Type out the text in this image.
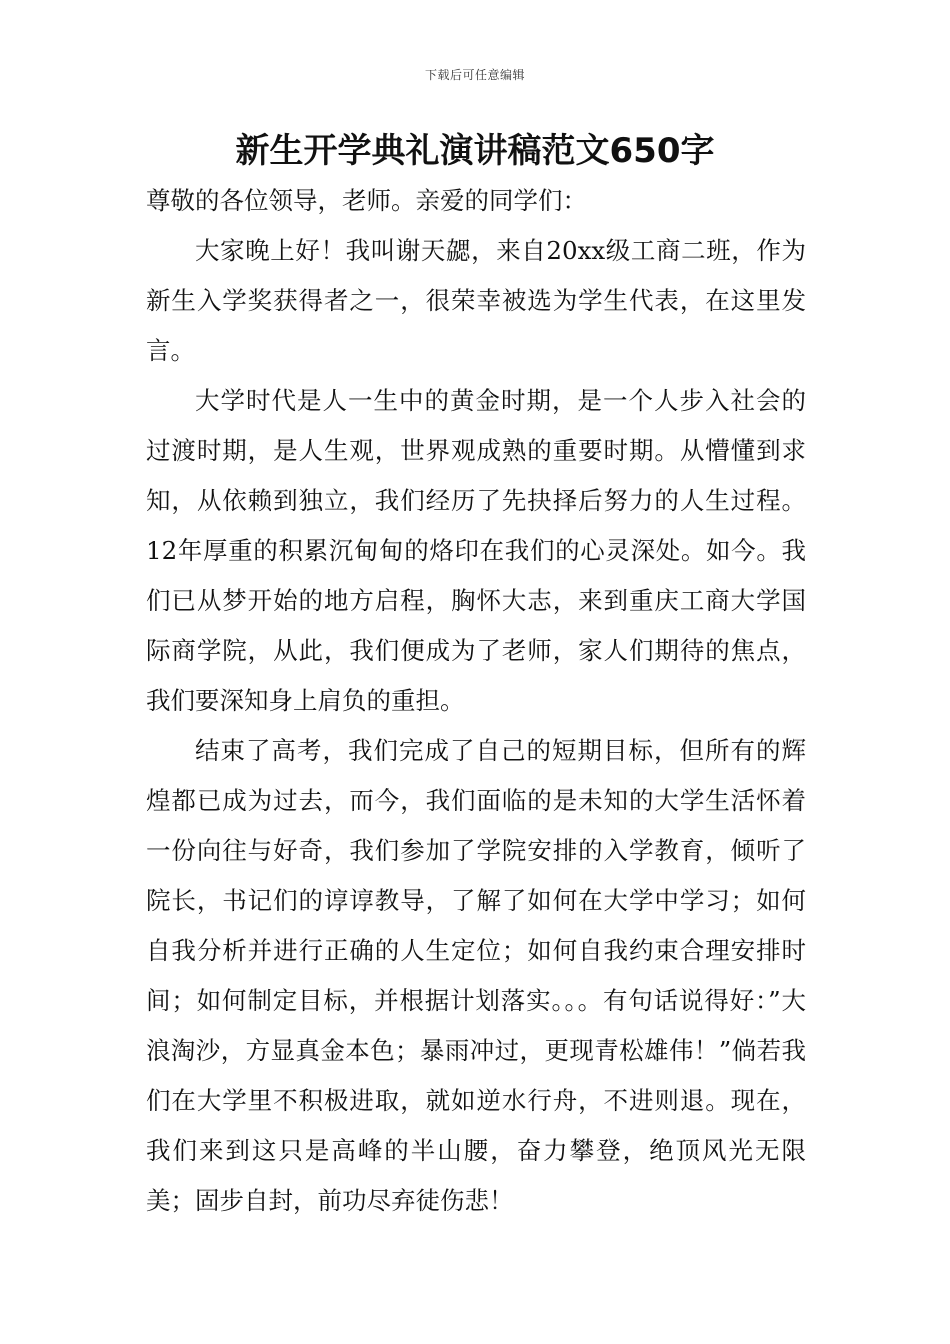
下载后可任意编辑
新生开学典礼演讲稿范文650字

尊敬的各位领导，老师。亲爱的同学们：

大家晚上好！我叫谢天勰，来自20xx级工商二班，作为新生入学奖获得者之一，很荣幸被选为学生代表，在这里发言。

大学时代是人一生中的黄金时期，是一个人步入社会的过渡时期，是人生观，世界观成熟的重要时期。从懵懂到求知，从依赖到独立，我们经历了先抉择后努力的人生过程。12年厚重的积累沉甸甸的烙印在我们的心灵深处。如今。我们已从梦开始的地方启程，胸怀大志，来到重庆工商大学国际商学院，从此，我们便成为了老师，家人们期待的焦点，我们要深知身上肩负的重担。

结束了高考，我们完成了自己的短期目标，但所有的辉煌都已成为过去，而今，我们面临的是未知的大学生活怀着一份向往与好奇，我们参加了学院安排的入学教育，倾听了院长，书记们的谆谆教导，了解了如何在大学中学习；如何自我分析并进行正确的人生定位；如何自我约束合理安排时间；如何制定目标，并根据计划落实。。。有句话说得好：”大浪淘沙，方显真金本色；暴雨冲过，更现青松雄伟！”倘若我们在大学里不积极进取，就如逆水行舟，不进则退。现在，我们来到这只是高峰的半山腰，奋力攀登，绝顶风光无限美；固步自封，前功尽弃徒伤悲！
